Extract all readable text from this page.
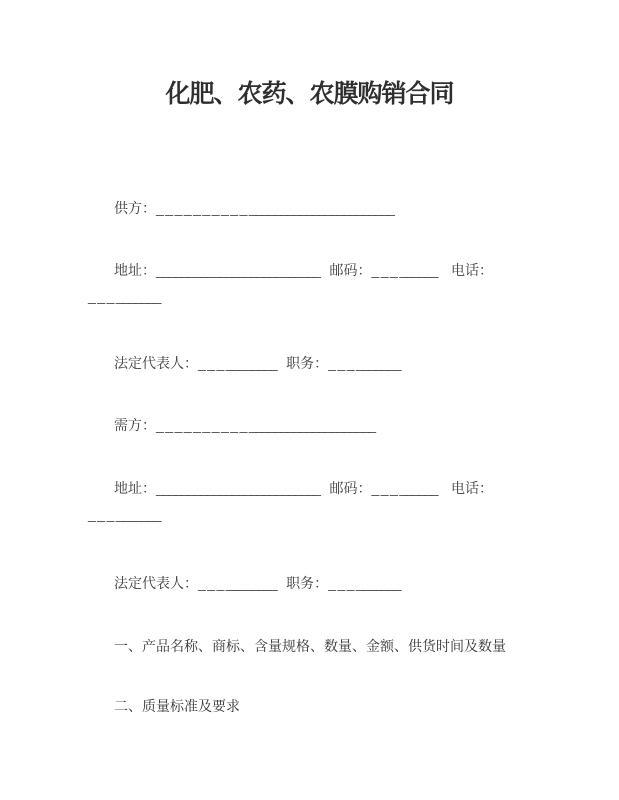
化肥、农药、农膜购销合同
供方：_________________________________
地址：__________________________ 邮码：_________ 电话：
__________
法定代表人：___________ 职务：__________
需方：______________________________
地址：__________________________ 邮码：_________ 电话：
__________
法定代表人：___________ 职务：__________
一、产品名称、商标、含量规格、数量、金额、供货时间及数量
二、质量标准及要求
